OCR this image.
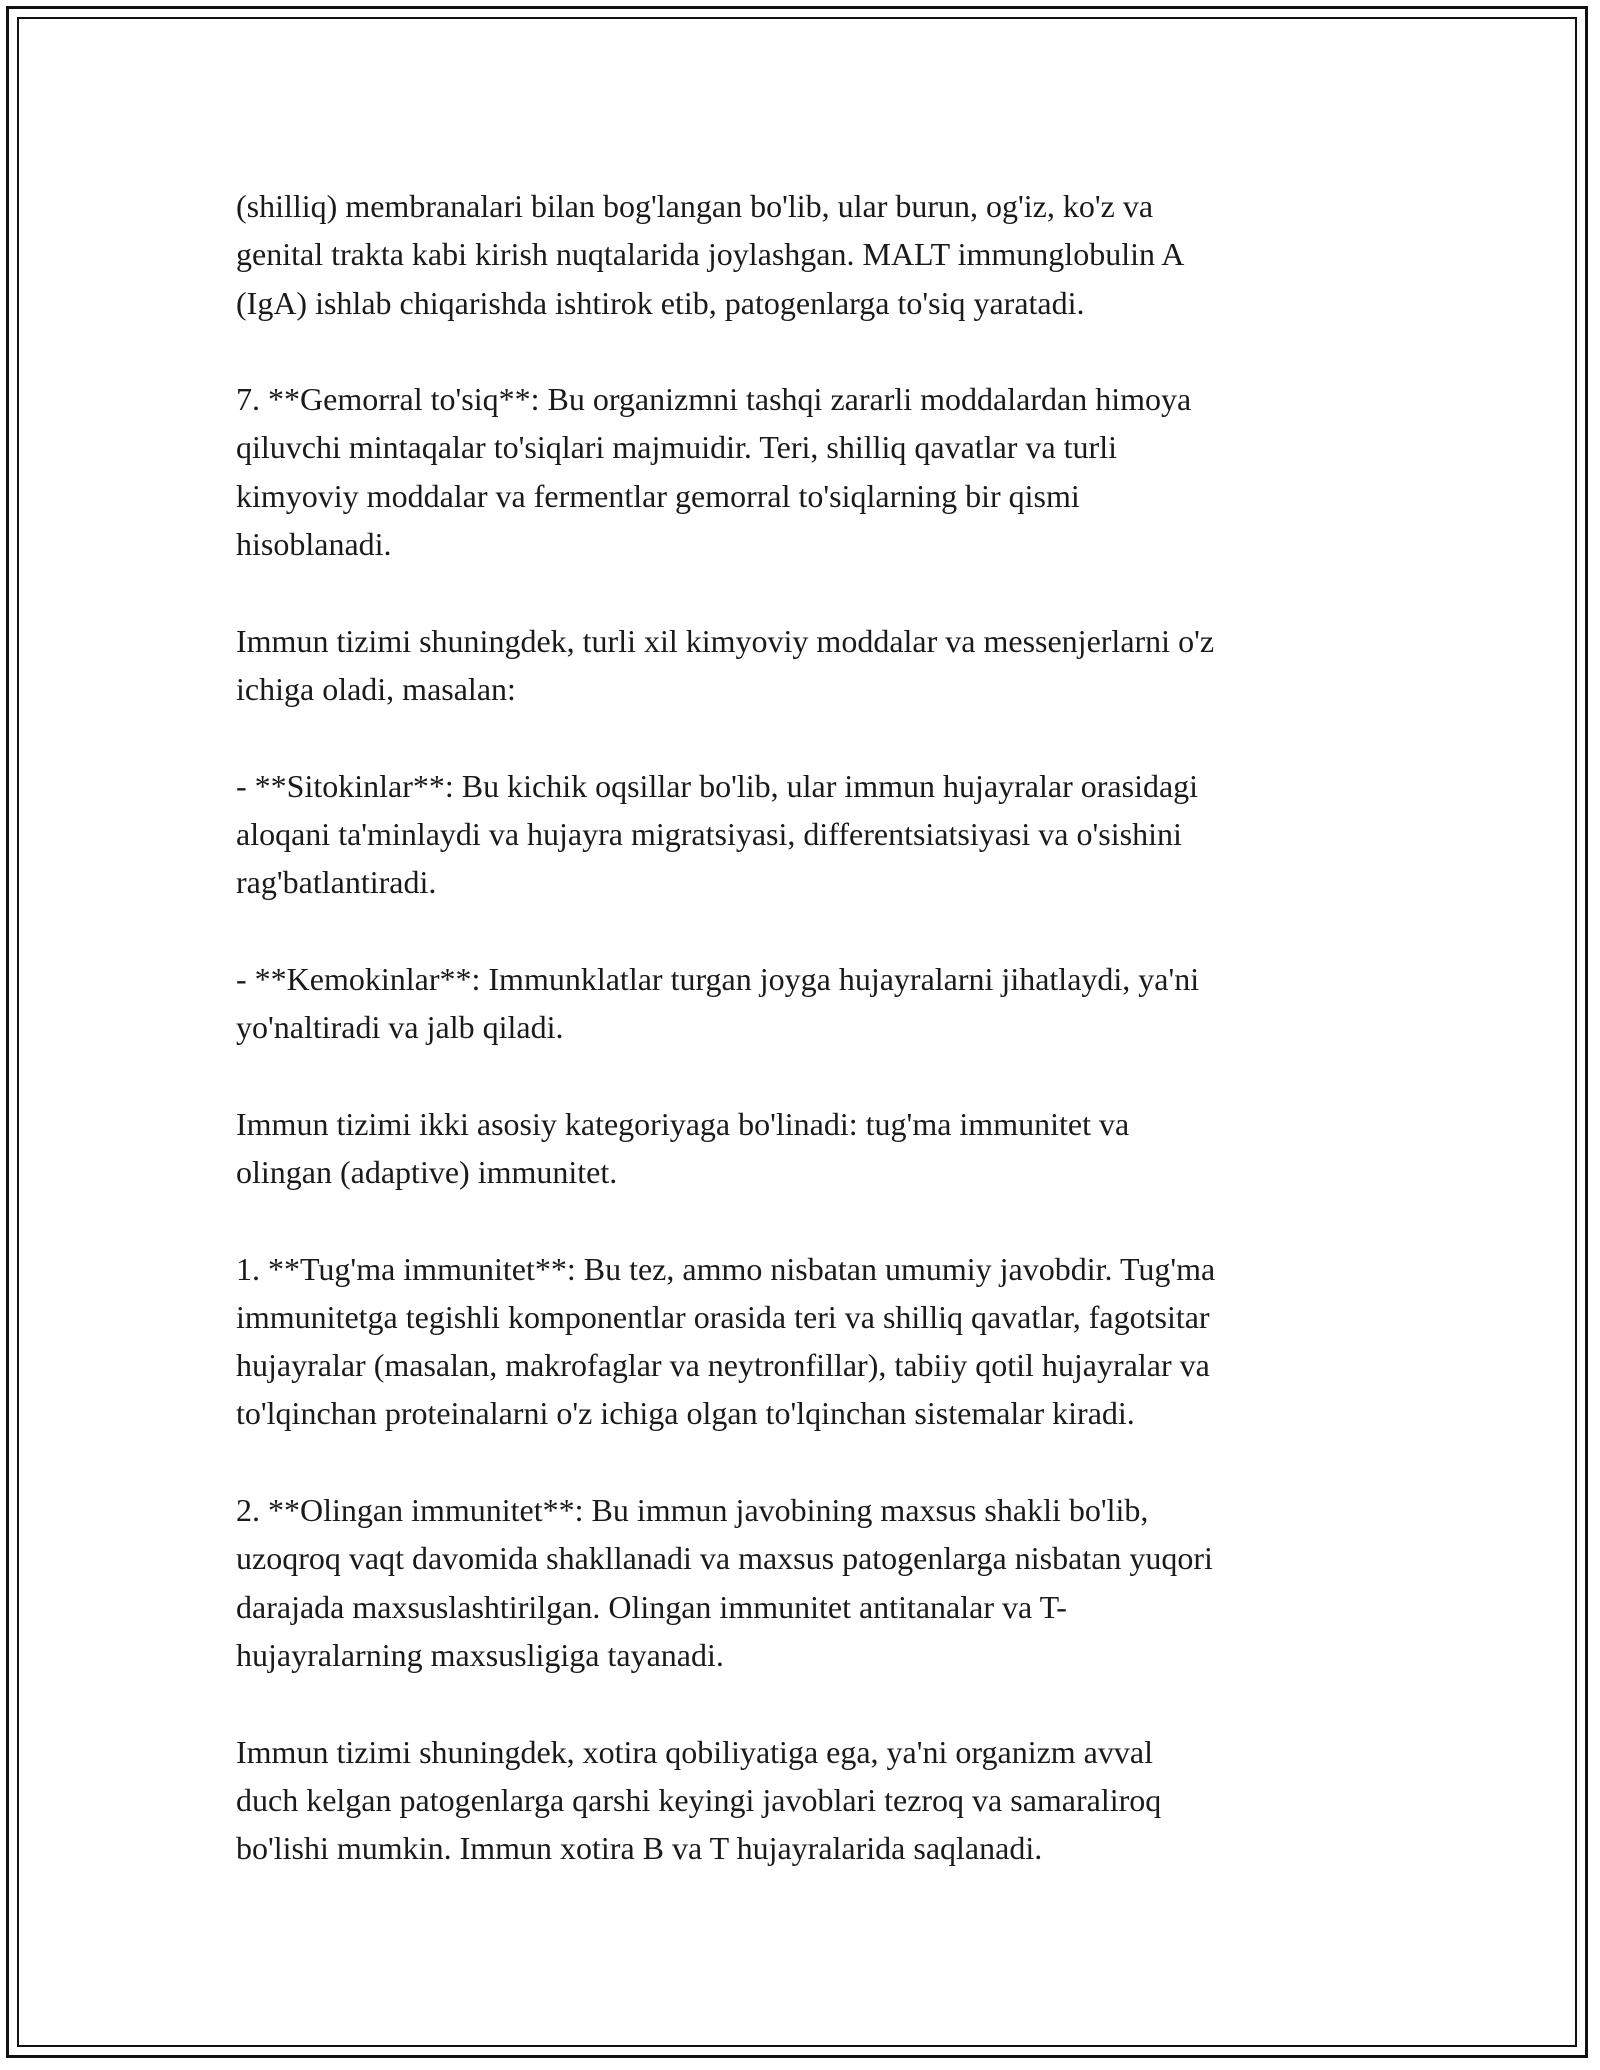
(shilliq) membranalari bilan bog'langan bo'lib, ular burun, og'iz, ko'z va
genital trakta kabi kirish nuqtalarida joylashgan. MALT immunglobulin A
(IgA) ishlab chiqarishda ishtirok etib, patogenlarga to'siq yaratadi.

7. **Gemorral to'siq**: Bu organizmni tashqi zararli moddalardan himoya
qiluvchi mintaqalar to'siqlari majmuidir. Teri, shilliq qavatlar va turli
kimyoviy moddalar va fermentlar gemorral to'siqlarning bir qismi
hisoblanadi.

Immun tizimi shuningdek, turli xil kimyoviy moddalar va messenjerlarni o'z
ichiga oladi, masalan:

- **Sitokinlar**: Bu kichik oqsillar bo'lib, ular immun hujayralar orasidagi
aloqani ta'minlaydi va hujayra migratsiyasi, differentsiatsiyasi va o'sishini
rag'batlantiradi.

- **Kemokinlar**: Immunklatlar turgan joyga hujayralarni jihatlaydi, ya'ni
yo'naltiradi va jalb qiladi.

Immun tizimi ikki asosiy kategoriyaga bo'linadi: tug'ma immunitet va
olingan (adaptive) immunitet.

1. **Tug'ma immunitet**: Bu tez, ammo nisbatan umumiy javobdir. Tug'ma
immunitetga tegishli komponentlar orasida teri va shilliq qavatlar, fagotsitar
hujayralar (masalan, makrofaglar va neytronfillar), tabiiy qotil hujayralar va
to'lqinchan proteinalarni o'z ichiga olgan to'lqinchan sistemalar kiradi.

2. **Olingan immunitet**: Bu immun javobining maxsus shakli bo'lib,
uzoqroq vaqt davomida shakllanadi va maxsus patogenlarga nisbatan yuqori
darajada maxsuslashtirilgan. Olingan immunitet antitanalar va T-
hujayralarning maxsusligiga tayanadi.

Immun tizimi shuningdek, xotira qobiliyatiga ega, ya'ni organizm avval
duch kelgan patogenlarga qarshi keyingi javoblari tezroq va samaraliroq
bo'lishi mumkin. Immun xotira B va T hujayralarida saqlanadi.
